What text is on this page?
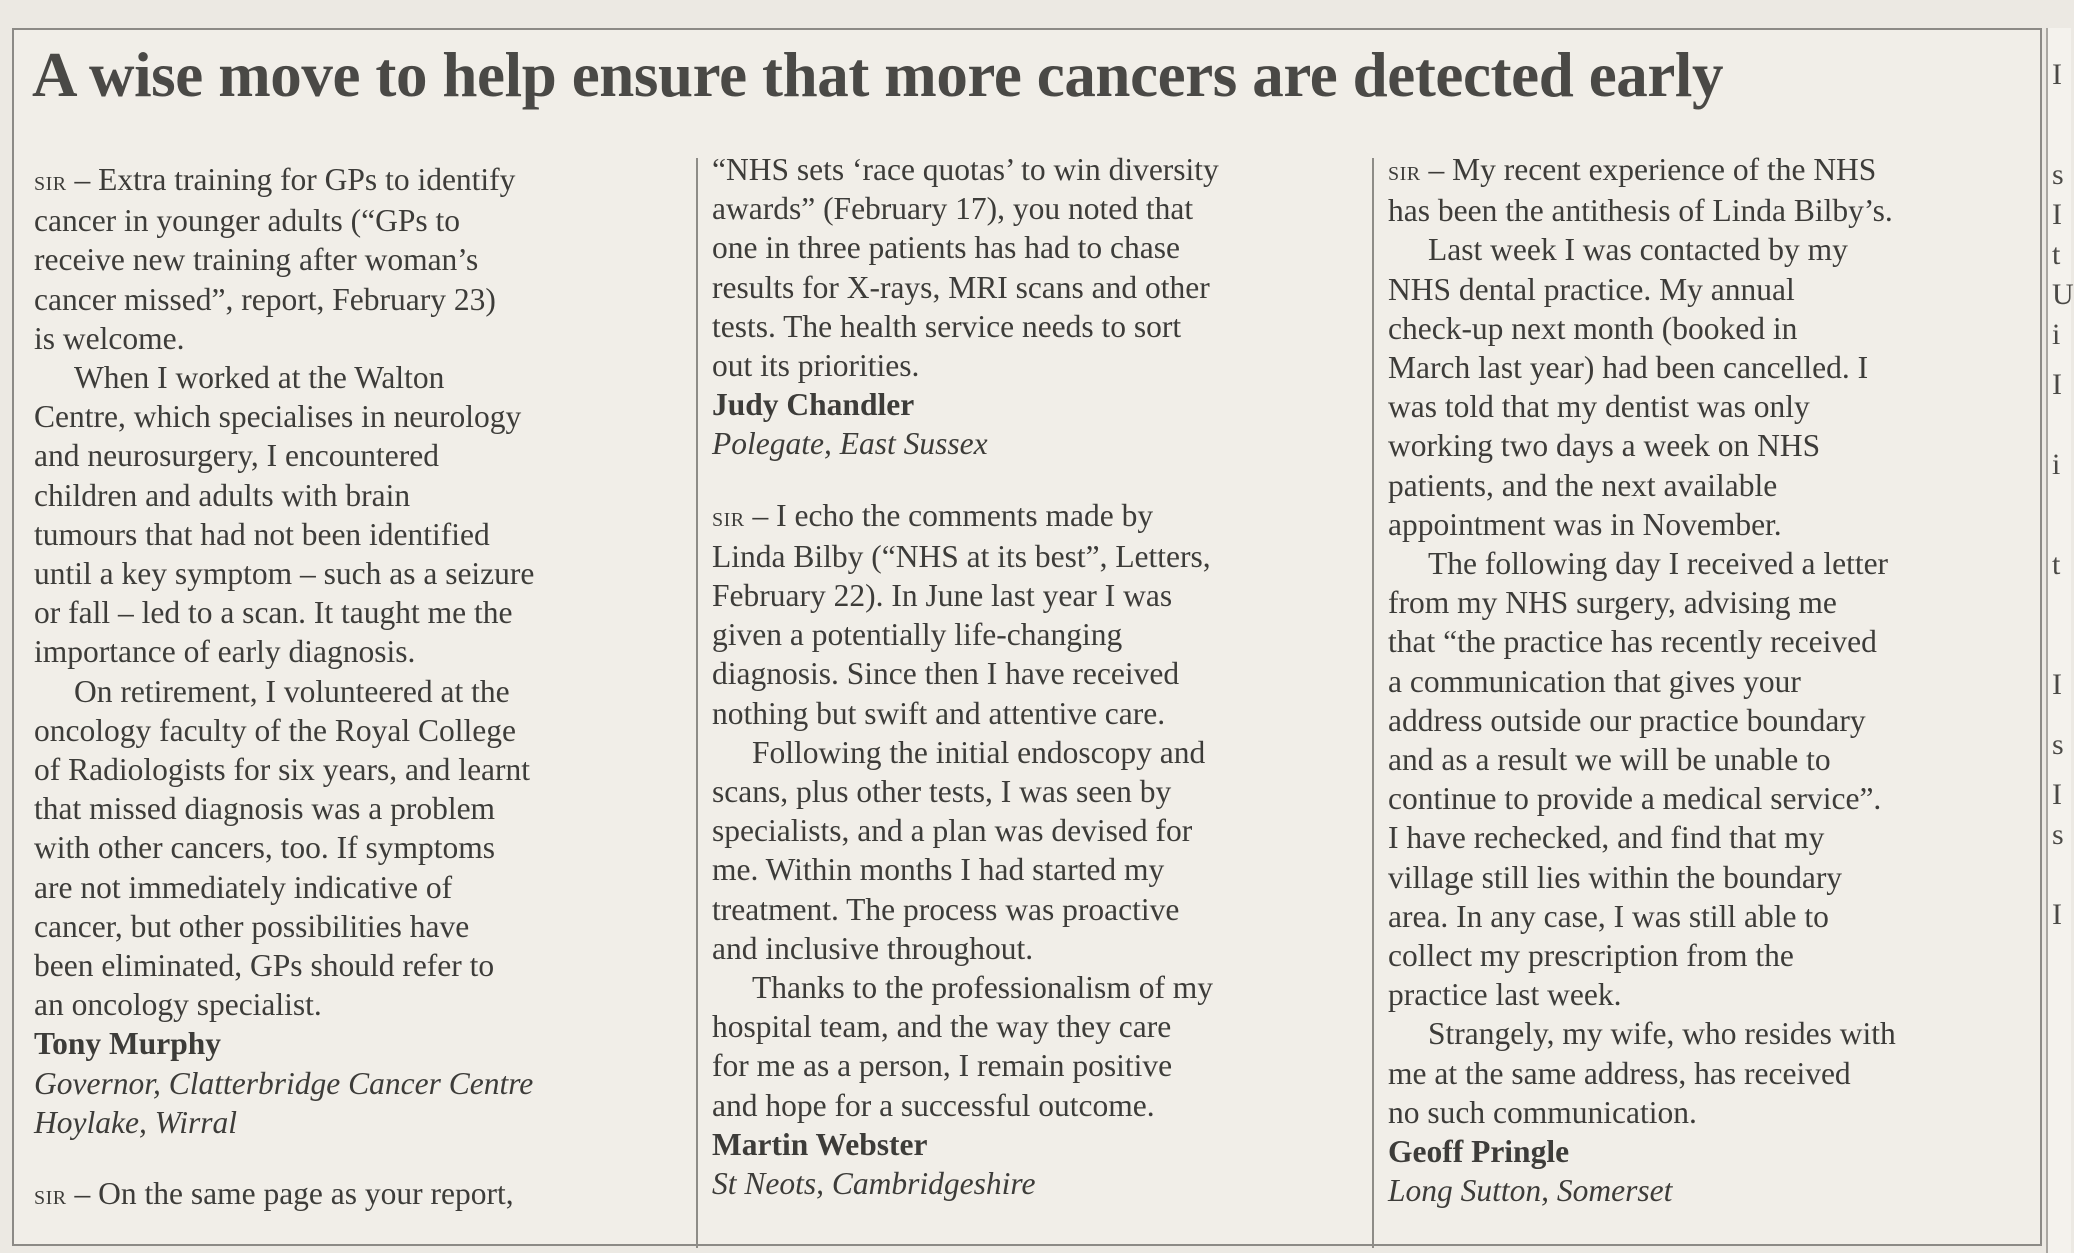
A wise move to help ensure that more cancers are detected early
sir – Extra training for GPs to identify
cancer in younger adults (“GPs to
receive new training after woman’s
cancer missed”, report, February 23)
is welcome.
When I worked at the Walton
Centre, which specialises in neurology
and neurosurgery, I encountered
children and adults with brain
tumours that had not been identified
until a key symptom – such as a seizure
or fall – led to a scan. It taught me the
importance of early diagnosis.
On retirement, I volunteered at the
oncology faculty of the Royal College
of Radiologists for six years, and learnt
that missed diagnosis was a problem
with other cancers, too. If symptoms
are not immediately indicative of
cancer, but other possibilities have
been eliminated, GPs should refer to
an oncology specialist.
Tony Murphy
Governor, Clatterbridge Cancer Centre
Hoylake, Wirral
sir – On the same page as your report,
“NHS sets ‘race quotas’ to win diversity
awards” (February 17), you noted that
one in three patients has had to chase
results for X-rays, MRI scans and other
tests. The health service needs to sort
out its priorities.
Judy Chandler
Polegate, East Sussex
sir – I echo the comments made by
Linda Bilby (“NHS at its best”, Letters,
February 22). In June last year I was
given a potentially life-changing
diagnosis. Since then I have received
nothing but swift and attentive care.
Following the initial endoscopy and
scans, plus other tests, I was seen by
specialists, and a plan was devised for
me. Within months I had started my
treatment. The process was proactive
and inclusive throughout.
Thanks to the professionalism of my
hospital team, and the way they care
for me as a person, I remain positive
and hope for a successful outcome.
Martin Webster
St Neots, Cambridgeshire
sir – My recent experience of the NHS
has been the antithesis of Linda Bilby’s.
Last week I was contacted by my
NHS dental practice. My annual
check-up next month (booked in
March last year) had been cancelled. I
was told that my dentist was only
working two days a week on NHS
patients, and the next available
appointment was in November.
The following day I received a letter
from my NHS surgery, advising me
that “the practice has recently received
a communication that gives your
address outside our practice boundary
and as a result we will be unable to
continue to provide a medical service”.
I have rechecked, and find that my
village still lies within the boundary
area. In any case, I was still able to
collect my prescription from the
practice last week.
Strangely, my wife, who resides with
me at the same address, has received
no such communication.
Geoff Pringle
Long Sutton, Somerset
I
s
I
t
U
i
I
i
t
I
s
I
s
I
